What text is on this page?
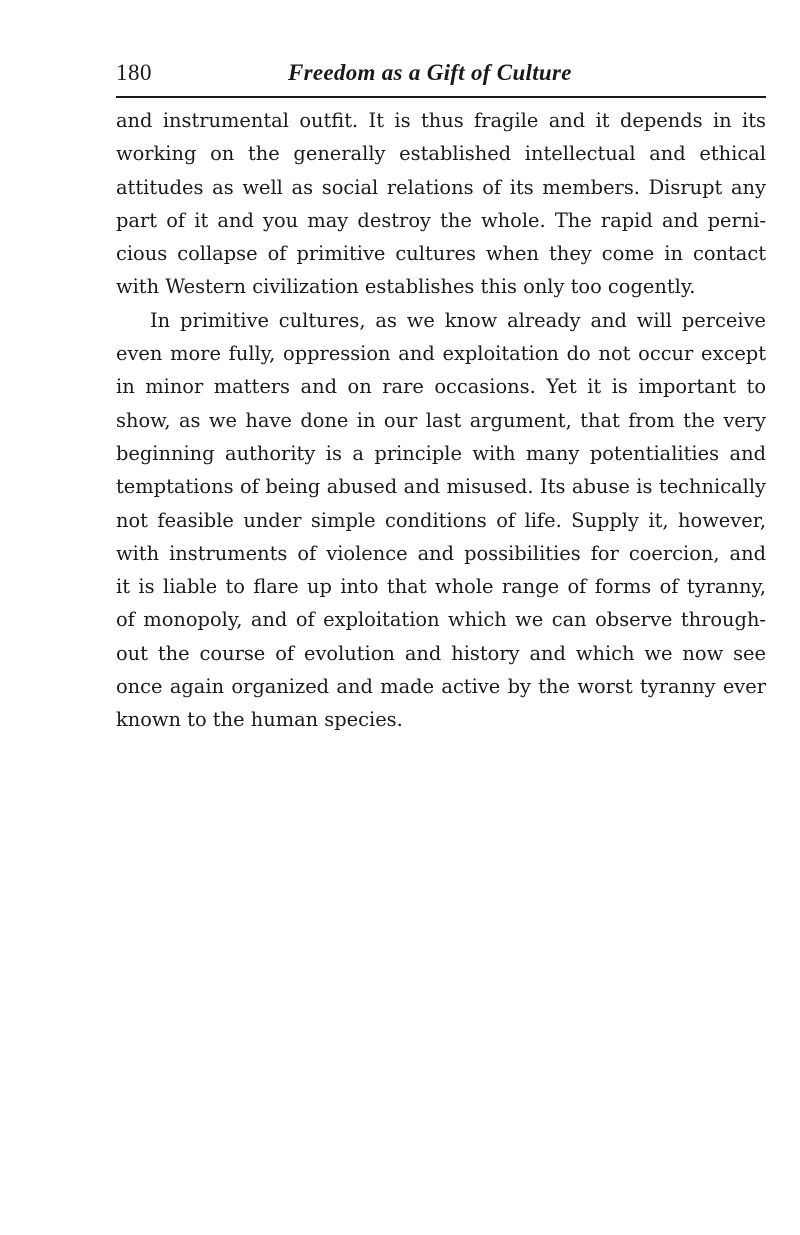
180	Freedom as a Gift of Culture
and instrumental outfit. It is thus fragile and it depends in its
working on the generally established intellectual and ethical
attitudes as well as social relations of its members. Disrupt any
part of it and you may destroy the whole. The rapid and perni-
cious collapse of primitive cultures when they come in contact
with Western civilization establishes this only too cogently.
In primitive cultures, as we know already and will perceive
even more fully, oppression and exploitation do not occur except
in minor matters and on rare occasions. Yet it is important to
show, as we have done in our last argument, that from the very
beginning authority is a principle with many potentialities and
temptations of being abused and misused. Its abuse is technically
not feasible under simple conditions of life. Supply it, however,
with instruments of violence and possibilities for coercion, and
it is liable to flare up into that whole range of forms of tyranny,
of monopoly, and of exploitation which we can observe through-
out the course of evolution and history and which we now see
once again organized and made active by the worst tyranny ever
known to the human species.
